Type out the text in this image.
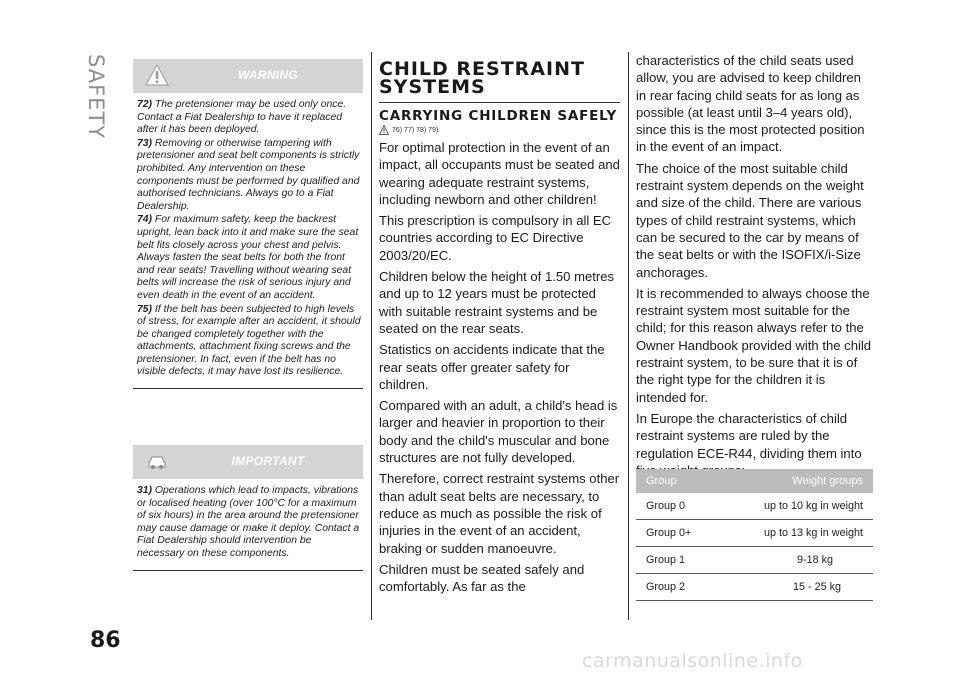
SAFETY	WARNING

72) The pretensioner may be used only once. Contact a Fiat Dealership to have it replaced after it has been deployed.

73) Removing or otherwise tampering with pretensioner and seat belt components is strictly prohibited. Any intervention on these components must be performed by qualified and authorised technicians. Always go to a Fiat Dealership.

74) For maximum safety, keep the backrest upright, lean back into it and make sure the seat belt fits closely across your chest and pelvis. Always fasten the seat belts for both the front and rear seats! Travelling without wearing seat belts will increase the risk of serious injury and even death in the event of an accident.

75) If the belt has been subjected to high levels of stress, for example after an accident, it should be changed completely together with the attachments, attachment fixing screws and the pretensioner. In fact, even if the belt has no visible defects, it may have lost its resilience.

IMPORTANT

31) Operations which lead to impacts, vibrations or localised heating (over 100°C for a maximum of six hours) in the area around the pretensioner may cause damage or make it deploy. Contact a Fiat Dealership should intervention be necessary on these components.

CHILD RESTRAINT SYSTEMS
CARRYING CHILDREN SAFELY
76) 77) 78) 79)

For optimal protection in the event of an impact, all occupants must be seated and wearing adequate restraint systems, including newborn and other children!

This prescription is compulsory in all EC countries according to EC Directive 2003/20/EC.

Children below the height of 1.50 metres and up to 12 years must be protected with suitable restraint systems and be seated on the rear seats.

Statistics on accidents indicate that the rear seats offer greater safety for children.

Compared with an adult, a child's head is larger and heavier in proportion to their body and the child's muscular and bone structures are not fully developed.

Therefore, correct restraint systems other than adult seat belts are necessary, to reduce as much as possible the risk of injuries in the event of an accident, braking or sudden manoeuvre.

Children must be seated safely and comfortably. As far as the

characteristics of the child seats used allow, you are advised to keep children in rear facing child seats for as long as possible (at least until 3–4 years old), since this is the most protected position in the event of an impact.

The choice of the most suitable child restraint system depends on the weight and size of the child. There are various types of child restraint systems, which can be secured to the car by means of the seat belts or with the ISOFIX/i-Size anchorages.

It is recommended to always choose the restraint system most suitable for the child; for this reason always refer to the Owner Handbook provided with the child restraint system, to be sure that it is of the right type for the children it is intended for.

In Europe the characteristics of child restraint systems are ruled by the regulation ECE-R44, dividing them into

Group	Weight groups
Group 0	up to 10 kg in weight
Group 0+	up to 13 kg in weight
Group 1	9-18 kg
Group 2	15 - 25 kg
86
carmanualsonline.info
